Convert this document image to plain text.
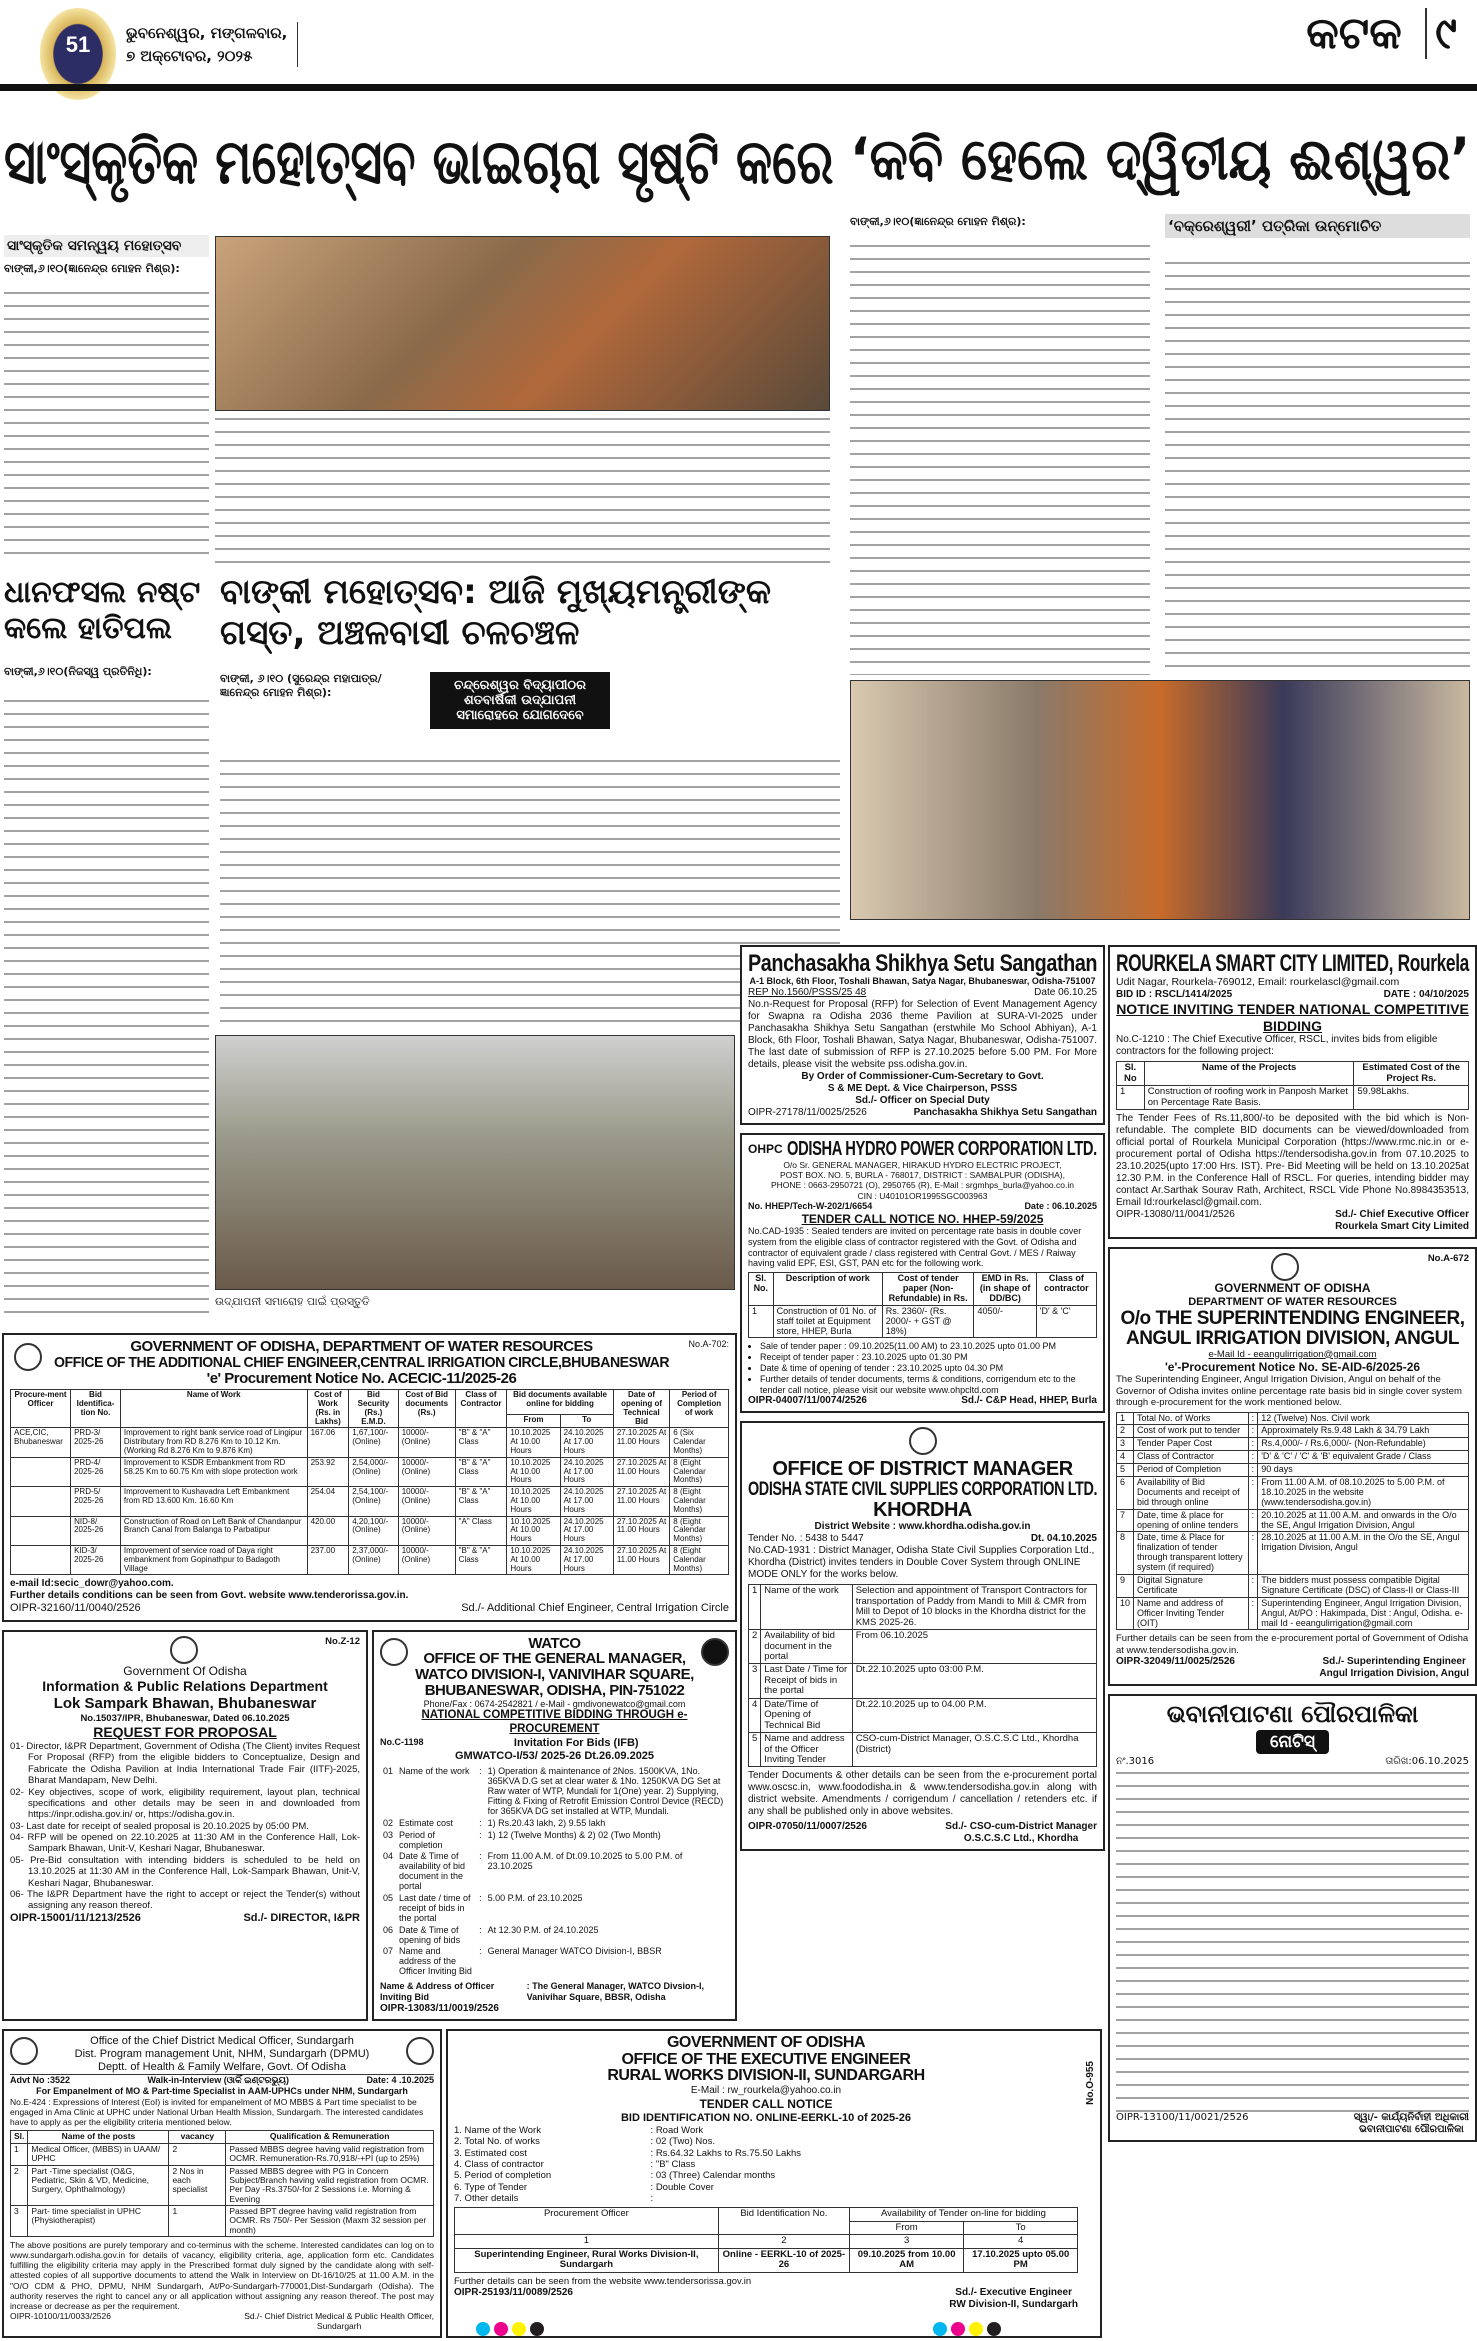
51	ଭୁବନେଶ୍ୱର, ମଙ୍ଗଳବାର,
୭ ଅକ୍ଟୋବର, ୨୦୨୫	କଟକ ୯
ସାଂସ୍କୃତିକ ମହୋତ୍ସବ ଭାଇଚାରା ସୃଷ୍ଟି କରେ ‘କବି ହେଲେ ଦ୍ୱିତୀୟ ଈଶ୍ୱର’
ସାଂସ୍କୃତିକ ସମନ୍ୱୟ ମହୋତ୍ସବ
ବାଙ୍କୀ,୬।୧୦(ଜ୍ଞାନେନ୍ଦ୍ର ମୋହନ ମିଶ୍ର):
ବାଙ୍କୀ,୬।୧୦(ଜ୍ଞାନେନ୍ଦ୍ର ମୋହନ ମିଶ୍ର):	‘ବକ୍ରେଶ୍ୱରୀ’ ପତ୍ରିକା ଉନ୍ମୋଚିତ
ଧାନଫସଲ ନଷ୍ଟ କଲେ ହାତିପଲ
ବାଙ୍କୀ,୬।୧୦(ନିଜସ୍ୱ ପ୍ରତିନିଧି):
ବାଙ୍କୀ ମହୋତ୍ସବ: ଆଜି ମୁଖ୍ୟମନ୍ତ୍ରୀଙ୍କ ଗସ୍ତ, ଅଞ୍ଚଳବାସୀ ଚଳଚଞ୍ଚଳ
ବାଙ୍କୀ, ୬।୧୦ (ସୁରେନ୍ଦ୍ର ମହାପାତ୍ର/ ଜ୍ଞାନେନ୍ଦ୍ର ମୋହନ ମିଶ୍ର):	ଚନ୍ଦ୍ରେଶ୍ୱର ବିଦ୍ୟାପୀଠର ଶତବାର୍ଷିକୀ ଉଦ୍‌ଯାପନୀ ସମାରୋହରେ ଯୋଗଦେବେ
ଉଦ୍‌ଯାପନୀ ସମାରୋହ ପାଇଁ ପ୍ରସ୍ତୁତି
Panchasakha Shikhya Setu Sangathan
A-1 Block, 6th Floor, Toshali Bhawan, Satya Nagar, Bhubaneswar, Odisha-751007
REP No.1560/PSSS/25 48	Date 06.10.25
No.n-Request for Proposal (RFP) for Selection of Event Management Agency for Swapna ra Odisha 2036 theme Pavilion at SURA-VI-2025 under Panchasakha Shikhya Setu Sangathan (erstwhile Mo School Abhiyan), A-1 Block, 6th Floor, Toshali Bhawan, Satya Nagar, Bhubaneswar, Odisha-751007. The last date of submission of RFP is 27.10.2025 before 5.00 PM. For More details, please visit the website pss.odisha.gov.in.
By Order of Commissioner-Cum-Secretary to Govt.
S & ME Dept. & Vice Chairperson, PSSS
Sd./- Officer on Special Duty
OIPR-27178/11/0025/2526	Panchasakha Shikhya Setu Sangathan
OHPC ODISHA HYDRO POWER CORPORATION LTD.
O/o Sr. GENERAL MANAGER, HIRAKUD HYDRO ELECTRIC PROJECT,
POST BOX. NO. 5, BURLA - 768017, DISTRICT : SAMBALPUR (ODISHA),
PHONE : 0663-2950721 (O), 2950765 (R), E-Mail : srgmhps_burla@yahoo.co.in
CIN : U40101OR1995SGC003963
No. HHEP/Tech-W-202/1/6654	Date : 06.10.2025
TENDER CALL NOTICE NO. HHEP-59/2025
No.CAD-1935 : Sealed tenders are invited on percentage rate basis in double cover system from the eligible class of contractor registered with the Govt. of Odisha and contractor of equivalent grade / class registered with Central Govt. / MES / Raiway having valid EPF, ESI, GST, PAN etc for the following work.
Sl. No.	Description of work	Cost of tender paper (Non-Refundable) in Rs.	EMD in Rs. (in shape of DD/BC)	Class of contractor
1	Construction of 01 No. of staff toilet at Equipment store, HHEP, Burla	Rs. 2360/- (Rs. 2000/- + GST @ 18%)	4050/-	'D' & 'C'
• Sale of tender paper : 09.10.2025(11.00 AM) to 23.10.2025 upto 01.00 PM
• Receipt of tender paper : 23.10.2025 upto 01.30 PM
• Date & time of opening of tender : 23.10.2025 upto 04.30 PM
• Further details of tender documents, terms & conditions, corrigendum etc to the tender call notice, please visit our website www.ohpcltd.com
OIPR-04007/11/0074/2526	Sd./- C&P Head, HHEP, Burla
OFFICE OF DISTRICT MANAGER
ODISHA STATE CIVIL SUPPLIES CORPORATION LTD.
KHORDHA
District Website : www.khordha.odisha.gov.in
Tender No. : 5438 to 5447	Dt. 04.10.2025
No.CAD-1931 : District Manager, Odisha State Civil Supplies Corporation Ltd., Khordha (District) invites tenders in Double Cover System through ONLINE MODE ONLY for the works below.
1	Name of the work	Selection and appointment of Transport Contractors for transportation of Paddy from Mandi to Mill & CMR from Mill to Depot of 10 blocks in the Khordha district for the KMS 2025-26.
2	Availability of bid document in the portal	From 06.10.2025
3	Last Date / Time for Receipt of bids in the portal	Dt.22.10.2025 upto 03:00 P.M.
4	Date/Time of Opening of Technical Bid	Dt.22.10.2025 up to 04.00 P.M.
5	Name and address of the Officer Inviting Tender	CSO-cum-District Manager, O.S.C.S.C Ltd., Khordha (District)
Tender Documents & other details can be seen from the e-procurement portal www.oscsc.in, www.foododisha.in & www.tendersodisha.gov.in along with district website. Amendments / corrigendum / cancellation / retenders etc. if any shall be published only in above websites.
OIPR-07050/11/0007/2526	Sd./- CSO-cum-District Manager
O.S.C.S.C Ltd., Khordha
ROURKELA SMART CITY LIMITED, Rourkela
Udit Nagar, Rourkela-769012, Email: rourkelascl@gmail.com
BID ID : RSCL/1414/2025	DATE : 04/10/2025
NOTICE INVITING TENDER NATIONAL COMPETITIVE BIDDING
No.C-1210 : The Chief Executive Officer, RSCL, invites bids from eligible contractors for the following project:
Sl. No	Name of the Projects	Estimated Cost of the Project Rs.
1	Construction of roofing work in Panposh Market on Percentage Rate Basis.	59.98Lakhs.
The Tender Fees of Rs.11,800/-to be deposited with the bid which is Non-refundable. The complete BID documents can be viewed/downloaded from official portal of Rourkela Municipal Corporation (https://www.rmc.nic.in or e-procurement portal of Odisha https://tendersodisha.gov.in from 07.10.2025 to 23.10.2025(upto 17:00 Hrs. IST). Pre- Bid Meeting will be held on 13.10.2025at 12.30 P.M. in the Conference Hall of RSCL. For queries, intending bidder may contact Ar.Sarthak Sourav Rath, Architect, RSCL Vide Phone No.8984353513, Email Id:rourkelascl@gmail.com.
OIPR-13080/11/0041/2526	Sd./- Chief Executive Officer
Rourkela Smart City Limited
No.A-672
GOVERNMENT OF ODISHA
DEPARTMENT OF WATER RESOURCES
O/o THE SUPERINTENDING ENGINEER, ANGUL IRRIGATION DIVISION, ANGUL
e-Mail Id - eeangulirrigation@gmail.com
'e'-Procurement Notice No. SE-AID-6/2025-26
The Superintending Engineer, Angul Irrigation Division, Angul on behalf of the Governor of Odisha invites online percentage rate basis bid in single cover system through e-procurement for the work mentioned below.
1	Total No. of Works	:	12 (Twelve) Nos. Civil work
2	Cost of work put to tender	:	Approximately Rs.9.48 Lakh & 34.79 Lakh
3	Tender Paper Cost	:	Rs.4,000/- / Rs.6,000/- (Non-Refundable)
4	Class of Contractor	:	'D' & 'C' / 'C' & 'B' equivalent Grade / Class
5	Period of Completion	:	90 days
6	Availability of Bid Documents and receipt of bid through online	:	From 11.00 A.M. of 08.10.2025 to 5.00 P.M. of 18.10.2025 in the website (www.tendersodisha.gov.in)
7	Date, time & place for opening of online tenders	:	20.10.2025 at 11.00 A.M. and onwards in the O/o the SE, Angul Irrigation Division, Angul
8	Date, time & Place for finalization of tender through transparent lottery system (if required)	:	28.10.2025 at 11.00 A.M. in the O/o the SE, Angul Irrigation Division, Angul
9	Digital Signature Certificate	:	The bidders must possess compatible Digital Signature Certificate (DSC) of Class-II or Class-III
10	Name and address of Officer Inviting Tender (OIT)	:	Superintending Engineer, Angul Irrigation Division, Angul, At/PO : Hakimpada, Dist : Angul, Odisha. e-mail Id - eeangulirrigation@gmail.com
Further details can be seen from the e-procurement portal of Government of Odisha at www.tendersodisha.gov.in.
OIPR-32049/11/0025/2526	Sd./- Superintending Engineer
Angul Irrigation Division, Angul
ଭବାନୀପାଟଣା ପୌରପାଳିକା
ନୋଟିସ୍
ନଂ.3016	ତାରିଖ:06.10.2025
OIPR-13100/11/0021/2526	ସ୍ୱା/- କାର୍ଯ୍ୟନିର୍ବାହୀ ଅଧିକାରୀ
ଭବାନୀପାଟଣା ପୌରପାଳିକା
No.A-702:
GOVERNMENT OF ODISHA, DEPARTMENT OF WATER RESOURCES
OFFICE OF THE ADDITIONAL CHIEF ENGINEER,CENTRAL IRRIGATION CIRCLE,BHUBANESWAR
'e' Procurement Notice No. ACECIC-11/2025-26
Procure-ment Officer	Bid Identifica-tion No.	Name of Work	Cost of Work (Rs. in Lakhs)	Bid Security (Rs.) E.M.D.	Cost of Bid documents (Rs.)	Class of Contractor	Bid documents available online for bidding		Date of opening of Technical Bid	Period of Completion of work
							From	To		
ACE,CIC, Bhubaneswar	PRD-3/ 2025-26	Improvement to right bank service road of Lingipur Distributary from RD 8.276 Km to 10.12 Km. (Working Rd 8.276 Km to 9.876 Km)	167.06	1,67,100/- (Online)	10000/- (Online)	"B" & "A" Class	10.10.2025 At 10.00 Hours	24.10.2025 At 17.00 Hours	27.10.2025 At 11.00 Hours	6 (Six Calendar Months)
	PRD-4/ 2025-26	Improvement to KSDR Embankment from RD 58.25 Km to 60.75 Km with slope protection work	253.92	2,54,000/- (Online)	10000/- (Online)	"B" & "A" Class	10.10.2025 At 10.00 Hours	24.10.2025 At 17.00 Hours	27.10.2025 At 11.00 Hours	8 (Eight Calendar Months)
	PRD-5/ 2025-26	Improvement to Kushavadra Left Embankment from RD 13.600 Km. 16.60 Km	254.04	2,54,100/- (Online)	10000/- (Online)	"B" & "A" Class	10.10.2025 At 10.00 Hours	24.10.2025 At 17.00 Hours	27.10.2025 At 11.00 Hours	8 (Eight Calendar Months)
	NID-8/ 2025-26	Construction of Road on Left Bank of Chandanpur Branch Canal from Balanga to Parbatipur	420.00	4,20,100/- (Online)	10000/- (Online)	"A" Class	10.10.2025 At 10.00 Hours	24.10.2025 At 17.00 Hours	27.10.2025 At 11.00 Hours	8 (Eight Calendar Months)
	KID-3/ 2025-26	Improvement of service road of Daya right embankment from Gopinathpur to Badagoth Village	237.00	2,37,000/- (Online)	10000/- (Online)	"B" & "A" Class	10.10.2025 At 10.00 Hours	24.10.2025 At 17.00 Hours	27.10.2025 At 11.00 Hours	8 (Eight Calendar Months)
e-mail Id:secic_dowr@yahoo.com.
Further details conditions can be seen from Govt. website www.tenderorissa.gov.in.
OIPR-32160/11/0040/2526	Sd./- Additional Chief Engineer, Central Irrigation Circle
No.Z-12
Government Of Odisha
Information & Public Relations Department
Lok Sampark Bhawan, Bhubaneswar
No.15037/IPR, Bhubaneswar, Dated 06.10.2025
REQUEST FOR PROPOSAL
01- Director, I&PR Department, Government of Odisha (The Client) invites Request For Proposal (RFP) from the eligible bidders to Conceptualize, Design and Fabricate the Odisha Pavilion at India International Trade Fair (IITF)-2025, Bharat Mandapam, New Delhi.
02- Key objectives, scope of work, eligibility requirement, layout plan, technical specifications and other details may be seen in and downloaded from https://inpr.odisha.gov.in/ or, https://odisha.gov.in.
03- Last date for receipt of sealed proposal is 20.10.2025 by 05:00 PM.
04- RFP will be opened on 22.10.2025 at 11:30 AM in the Conference Hall, Lok-Sampark Bhawan, Unit-V, Keshari Nagar, Bhubaneswar.
05- Pre-Bid consultation with intending bidders is scheduled to be held on 13.10.2025 at 11:30 AM in the Conference Hall, Lok-Sampark Bhawan, Unit-V, Keshari Nagar, Bhubaneswar.
06- The I&PR Department have the right to accept or reject the Tender(s) without assigning any reason thereof.
OIPR-15001/11/1213/2526	Sd./- DIRECTOR, I&PR
WATCO
OFFICE OF THE GENERAL MANAGER, WATCO DIVISION-I, VANIVIHAR SQUARE, BHUBANESWAR, ODISHA, PIN-751022
Phone/Fax : 0674-2542821 / e-Mail - gmdivonewatco@gmail.com
NATIONAL COMPETITIVE BIDDING THROUGH e-PROCUREMENT
No.C-1198	Invitation For Bids (IFB)
GMWATCO-I/53/ 2025-26 Dt.26.09.2025
01	Name of the work	:	1) Operation & maintenance of 2Nos. 1500KVA, 1No. 365KVA D.G set at clear water & 1No. 1250KVA DG Set at Raw water of WTP, Mundali for 1(One) year. 2) Supplying, Fitting & Fixing of Retrofit Emission Control Device (RECD) for 365KVA DG set installed at WTP, Mundali.
02	Estimate cost	:	1) Rs.20.43 lakh, 2) 9.55 lakh
03	Period of completion	:	1) 12 (Twelve Months) & 2) 02 (Two Month)
04	Date & Time of availability of bid document in the portal	:	From 11.00 A.M. of Dt.09.10.2025 to 5.00 P.M. of 23.10.2025
05	Last date / time of receipt of bids in the portal	:	5.00 P.M. of 23.10.2025
06	Date & Time of opening of bids	:	At 12.30 P.M. of 24.10.2025
07	Name and address of the Officer Inviting Bid	:	General Manager WATCO Division-I, BBSR
Name & Address of Officer Inviting Bid
: The General Manager, WATCO Divsion-I, Vanivihar Square, BBSR, Odisha
OIPR-13083/11/0019/2526
Office of the Chief District Medical Officer, Sundargarh
Dist. Program management Unit, NHM, Sundargarh (DPMU)
Deptt. of Health & Family Welfare, Govt. Of Odisha
Advt No :3522	Walk-in-Interview (ଓାକିଁ ଇଣ୍ଟରଭ୍ୟୁ)	Date: 4 .10.2025
For Empanelment of MO & Part-time Specialist in AAM-UPHCs under NHM, Sundargarh
No.E-424 : Expressions of Interest (EoI) is invited for empanelment of MO MBBS & Part time specialist to be engaged in Ama Clinic at UPHC under National Urban Health Mission, Sundargarh. The interested candidates have to apply as per the eligibility criteria mentioned below.
Sl.	Name of the posts	vacancy	Qualification & Remuneration
1	Medical Officer, (MBBS) in UAAM/ UPHC	2	Passed MBBS degree having valid registration from OCMR. Remuneration-Rs.70,918/-+PI (up to 25%)
2	Part -Time specialist (O&G, Pediatric, Skin & VD, Medicine, Surgery, Ophthalmology)	2 Nos in each specialist	Passed MBBS degree with PG in Concern Subject/Branch having valid registration from OCMR. Per Day -Rs.3750/-for 2 Sessions i.e. Morning & Evening
3	Part- time specialist in UPHC (Physiotherapist)	1	Passed BPT degree having valid registration from OCMR. Rs 750/- Per Session (Maxm 32 session per month)
The above positions are purely temporary and co-terminus with the scheme. Interested candidates can log on to www.sundargarh.odisha.gov.in for details of vacancy, eligibility criteria, age, application form etc. Candidates fulfilling the eligibility criteria may apply in the Prescribed format duly signed by the candidate along with self-attested copies of all supportive documents to attend the Walk in Interview on Dt-16/10/25 at 11.00 A.M. in the "O/O CDM & PHO, DPMU, NHM Sundargarh, At/Po-Sundargarh-770001,Dist-Sundargarh (Odisha). The authority reserves the right to cancel any or all application without assigning any reason thereof. The post may increase or decrease as per the requirement.
OIPR-10100/11/0033/2526	Sd./- Chief District Medical & Public Health Officer,
Sundargarh
No.O-955
GOVERNMENT OF ODISHA
OFFICE OF THE EXECUTIVE ENGINEER
RURAL WORKS DIVISION-II, SUNDARGARH
E-Mail : rw_rourkela@yahoo.co.in
TENDER CALL NOTICE
BID IDENTIFICATION NO. ONLINE-EERKL-10 of 2025-26
1. Name of the Work	: Road Work
2. Total No. of works	: 02 (Two) Nos.
3. Estimated cost	: Rs.64.32 Lakhs to Rs.75.50 Lakhs
4. Class of contractor	: "B" Class
5. Period of completion	: 03 (Three) Calendar months
6. Type of Tender	: Double Cover
7. Other details	:
Procurement Officer	Bid Identification No.	Availability of Tender on-line for bidding	
		From	To
1	2	3	4
Superintending Engineer, Rural Works Division-II, Sundargarh	Online - EERKL-10 of 2025-26	09.10.2025 from 10.00 AM	17.10.2025 upto 05.00 PM
Further details can be seen from the website www.tendersorissa.gov.in
OIPR-25193/11/0089/2526	Sd./- Executive Engineer
RW Division-II, Sundargarh
